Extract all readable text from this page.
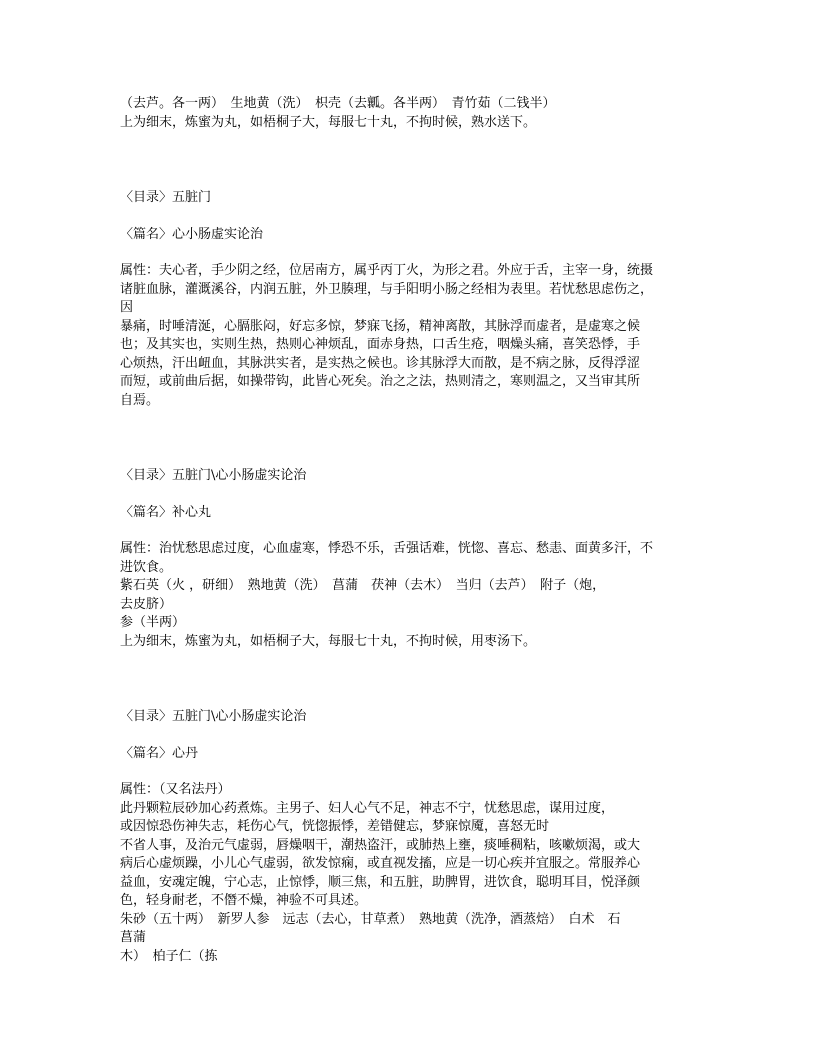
（去芦。各一两）　生地黄（洗）　枳壳（去瓤。各半两）　青竹茹（二钱半）

上为细末，炼蜜为丸，如梧桐子大，每服七十丸，不拘时候，熟水送下。

〈目录〉五脏门

〈篇名〉心小肠虚实论治

属性：夫心者，手少阴之经，位居南方，属乎丙丁火，为形之君。外应于舌，主宰一身，统摄

诸脏血脉，灌溉溪谷，内润五脏，外卫腠理，与手阳明小肠之经相为表里。若忧愁思虑伤之，

因

暴痛，时唾清涎，心膈胀闷，好忘多惊，梦寐飞扬，精神离散，其脉浮而虚者，是虚寒之候

也；及其实也，实则生热，热则心神烦乱，面赤身热，口舌生疮，咽燥头痛，喜笑恐悸，手

心烦热，汗出衄血，其脉洪实者，是实热之候也。诊其脉浮大而散，是不病之脉，反得浮涩

而短，或前曲后据，如操带钩，此皆心死矣。治之之法，热则清之，寒则温之，又当审其所

自焉。

〈目录〉五脏门\心小肠虚实论治

〈篇名〉补心丸

属性：治忧愁思虑过度，心血虚寒，悸恐不乐，舌强话难，恍惚、喜忘、愁恚、面黄多汗，不

进饮食。

紫石英（火 ，研细）　熟地黄（洗）　菖蒲　茯神（去木）　当归（去芦）　附子（炮，

去皮脐）

参（半两）

上为细末，炼蜜为丸，如梧桐子大，每服七十丸，不拘时候，用枣汤下。

〈目录〉五脏门\心小肠虚实论治

〈篇名〉心丹

属性：（又名法丹）

此丹颗粒辰砂加心药煮炼。主男子、妇人心气不足，神志不宁，忧愁思虑，谋用过度，

或因惊恐伤神失志，耗伤心气，恍惚振悸，差错健忘，梦寐惊魇，喜怒无时

不省人事，及治元气虚弱，唇燥咽干，潮热盗汗，或肺热上壅，痰唾稠粘，咳嗽烦渴，或大

病后心虚烦躁，小儿心气虚弱，欲发惊痫，或直视发搐，应是一切心疾并宜服之。常服养心

益血，安魂定魄，宁心志，止惊悸，顺三焦，和五脏，助脾胃，进饮食，聪明耳目，悦泽颜

色，轻身耐老，不僭不燥，神验不可具述。

朱砂（五十两）　新罗人参　远志（去心，甘草煮）　熟地黄（洗净，酒蒸焙）　白术　石

菖蒲

木）　柏子仁（拣
